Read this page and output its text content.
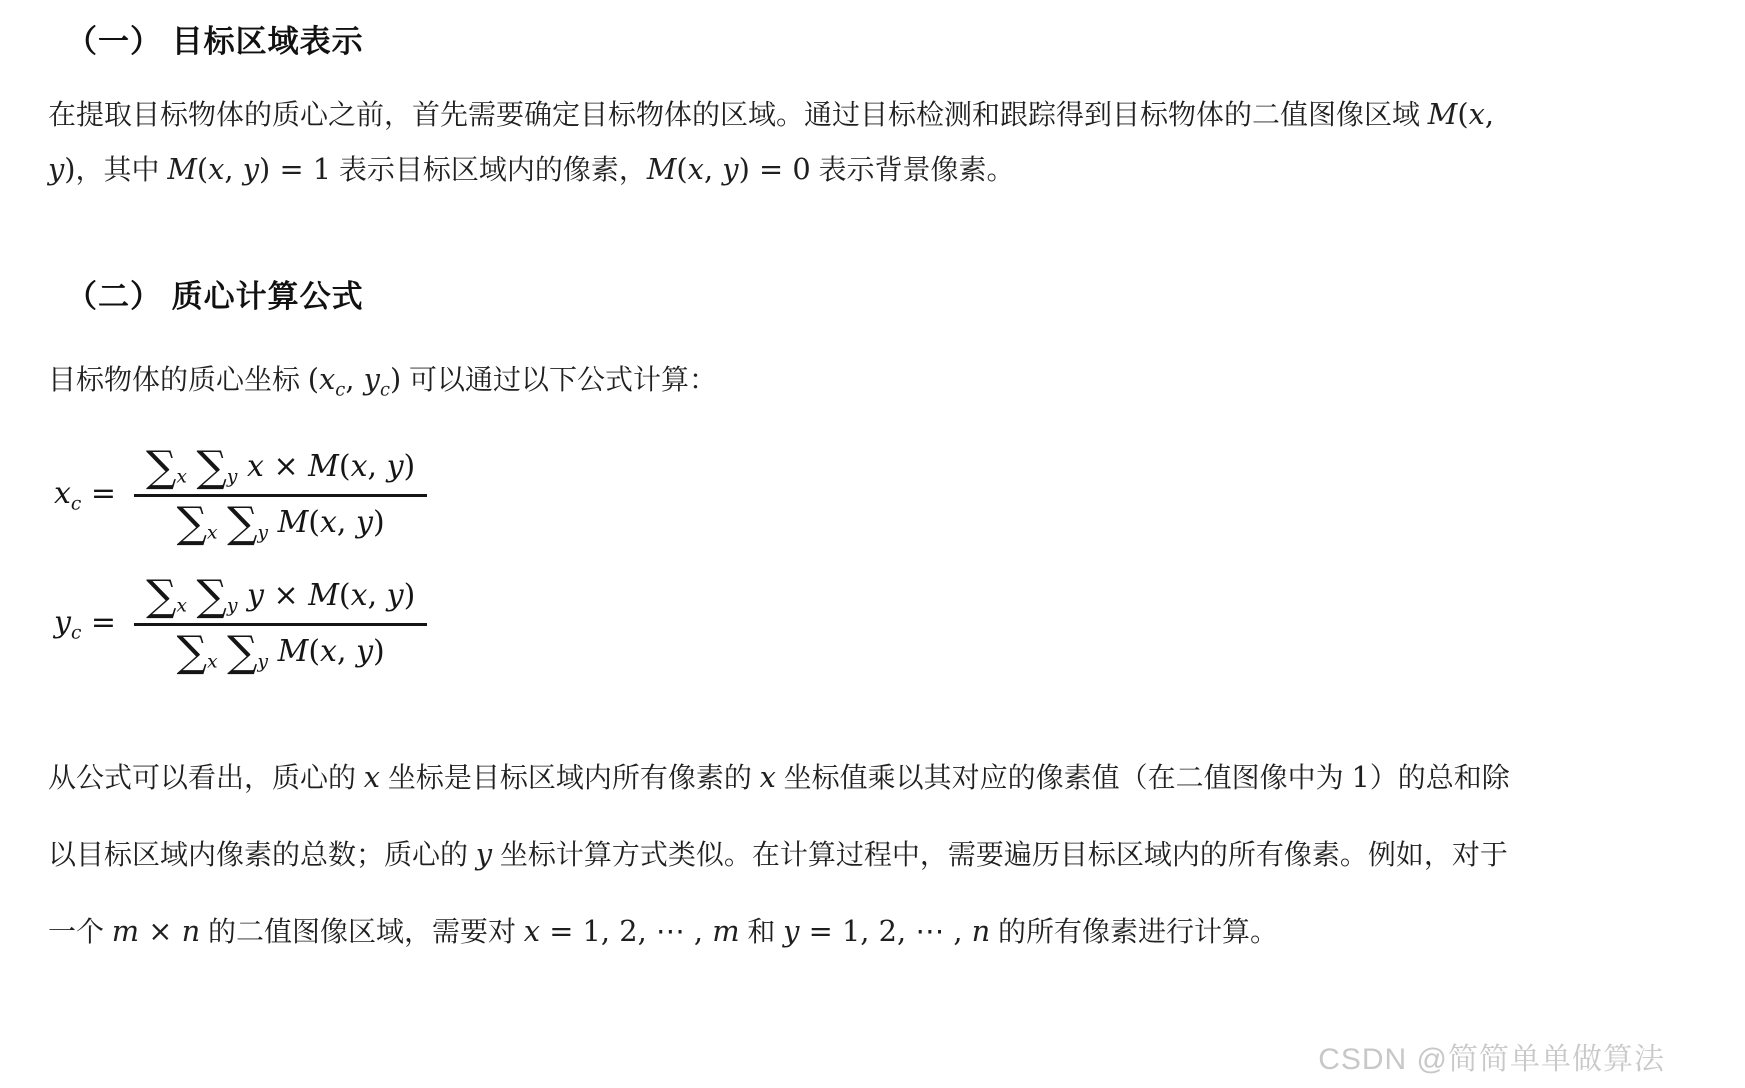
（一） 目标区域表示

在提取目标物体的质心之前，首先需要确定目标物体的区域。通过目标检测和跟踪得到目标物体的二值图像区域 M(x, y)，其中 M(x, y) = 1 表示目标区域内的像素，M(x, y) = 0 表示背景像素。

（二） 质心计算公式

目标物体的质心坐标 ($x_c$, $y_c$) 可以通过以下公式计算：

$x_c = \frac{\sum_x \sum_y x \times M(x, y)}{\sum_x \sum_y M(x, y)}$
$y_c = \frac{\sum_x \sum_y y \times M(x, y)}{\sum_x \sum_y M(x, y)}$

从公式可以看出，质心的 x 坐标是目标区域内所有像素的 x 坐标值乘以其对应的像素值（在二值图像中为 1）的总和除以目标区域内像素的总数；质心的 y 坐标计算方式类似。在计算过程中，需要遍历目标区域内的所有像素。例如，对于一个 m × n 的二值图像区域，需要对 x = 1, 2, ⋯ , m 和 y = 1, 2, ⋯ , n 的所有像素进行计算。

CSDN @简简单单做算法
